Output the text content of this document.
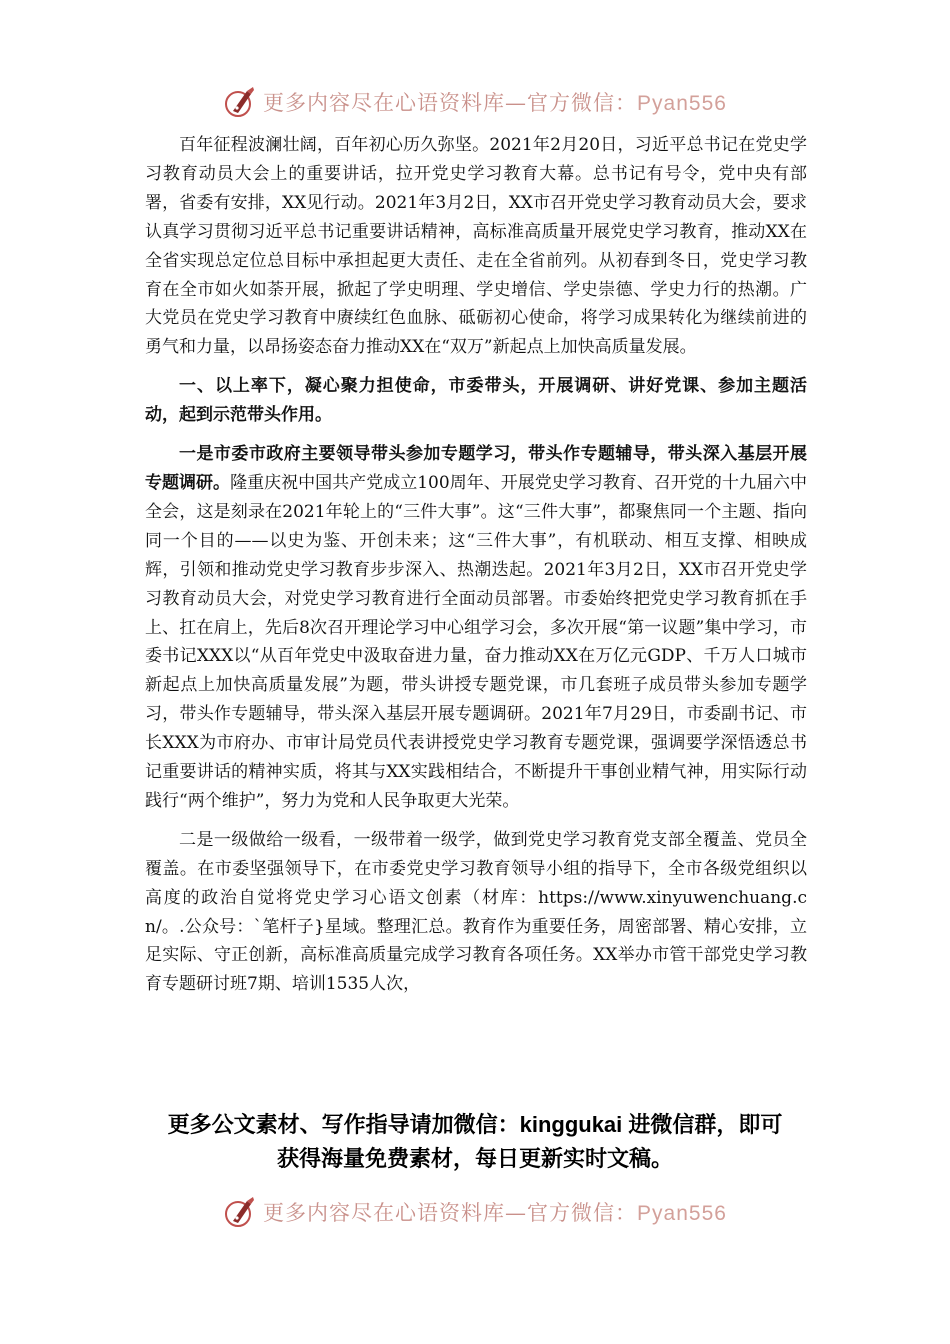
更多内容尽在心语资料库—官方微信：Pyan556

百年征程波澜壮阔，百年初心历久弥坚。2021年2月20日，习近平总书记在党史学习教育动员大会上的重要讲话，拉开党史学习教育大幕。总书记有号令，党中央有部署，省委有安排，XX见行动。2021年3月2日，XX市召开党史学习教育动员大会，要求认真学习贯彻习近平总书记重要讲话精神，高标准高质量开展党史学习教育，推动XX在全省实现总定位总目标中承担起更大责任、走在全省前列。从初春到冬日，党史学习教育在全市如火如荼开展，掀起了学史明理、学史增信、学史崇德、学史力行的热潮。广大党员在党史学习教育中赓续红色血脉、砥砺初心使命，将学习成果转化为继续前进的勇气和力量，以昂扬姿态奋力推动XX在“双万”新起点上加快高质量发展。

一、以上率下，凝心聚力担使命，市委带头，开展调研、讲好党课、参加主题活动，起到示范带头作用。

一是市委市政府主要领导带头参加专题学习，带头作专题辅导，带头深入基层开展专题调研。隆重庆祝中国共产党成立100周年、开展党史学习教育、召开党的十九届六中全会，这是刻录在2021年轮上的“三件大事”。这“三件大事”，都聚焦同一个主题、指向同一个目的——以史为鉴、开创未来；这“三件大事”，有机联动、相互支撑、相映成辉，引领和推动党史学习教育步步深入、热潮迭起。2021年3月2日，XX市召开党史学习教育动员大会，对党史学习教育进行全面动员部署。市委始终把党史学习教育抓在手上、扛在肩上，先后8次召开理论学习中心组学习会，多次开展“第一议题”集中学习，市委书记XXX以“从百年党史中汲取奋进力量，奋力推动XX在万亿元GDP、千万人口城市新起点上加快高质量发展”为题，带头讲授专题党课，市几套班子成员带头参加专题学习，带头作专题辅导，带头深入基层开展专题调研。2021年7月29日，市委副书记、市长XXX为市府办、市审计局党员代表讲授党史学习教育专题党课，强调要学深悟透总书记重要讲话的精神实质，将其与XX实践相结合，不断提升干事创业精气神，用实际行动践行“两个维护”，努力为党和人民争取更大光荣。

二是一级做给一级看，一级带着一级学，做到党史学习教育党支部全覆盖、党员全覆盖。在市委坚强领导下，在市委党史学习教育领导小组的指导下，全市各级党组织以高度的政治自觉将党史学习心语文创素（材库：https://www.xinyuwenchuang.cn/。.公众号：`笔杆子}星域。整理汇总。教育作为重要任务，周密部署、精心安排，立足实际、守正创新，高标准高质量完成学习教育各项任务。XX举办市管干部党史学习教育专题研讨班7期、培训1535人次，

更多公文素材、写作指导请加微信：kinggukai 进微信群，即可
获得海量免费素材，每日更新实时文稿。
更多内容尽在心语资料库—官方微信：Pyan556
